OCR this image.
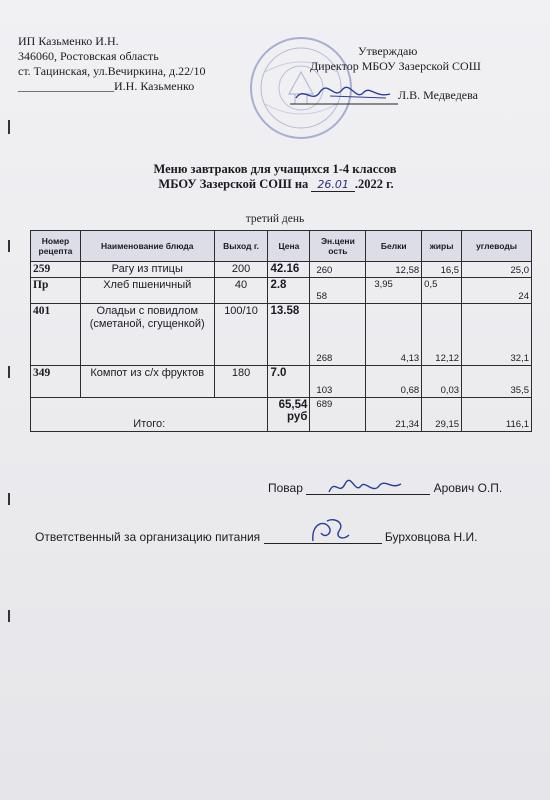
ИП Казьменко И.Н.
346060, Ростовская область
ст. Тацинская, ул.Вечиркина, д.22/10
________________И.Н. Казьменко
Утверждаю
Директор МБОУ Зазерской СОШ
Л.В. Медведева
Меню завтраков для учащихся 1-4 классов
МБОУ Зазерской СОШ на 26.01 .2022 г.
третий день
Номер рецепта	Наименование блюда	Выход г.	Цена	Эн.цени ость	Белки	жиры	углеводы
259	Рагу из птицы	200	42.16	260	12,58	16,5	25,0
Пр	Хлеб пшеничный	40	2.8	58	3,95	0,5	24
401	Оладьи с повидлом (сметаной, сгущенкой)	100/10	13.58	268	4,13	12,12	32,1
349	Компот из с/х фруктов	180	7.0	103	0,68	0,03	35,5
Итого:			65,54 руб	689	21,34	29,15	116,1
Повар	Арович О.П.
Ответственный за организацию питания	Бурховцова Н.И.
